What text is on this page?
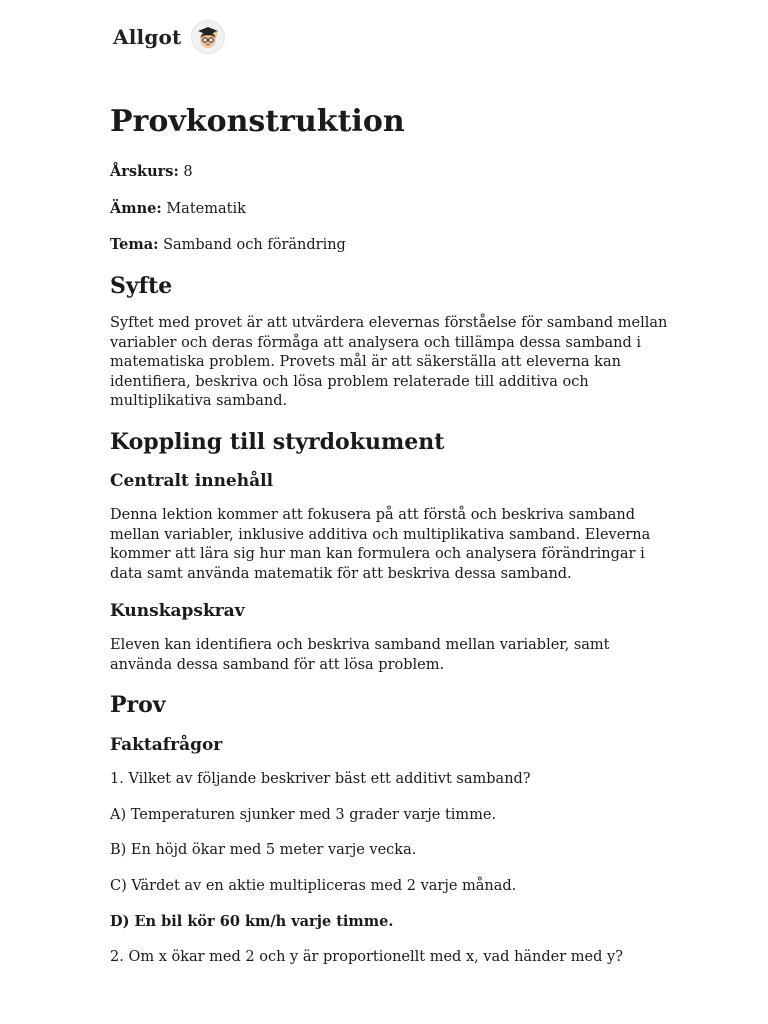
Allgot
Provkonstruktion

Årskurs: 8

Ämne: Matematik

Tema: Samband och förändring

Syfte

Syftet med provet är att utvärdera elevernas förståelse för samband mellan variabler och deras förmåga att analysera och tillämpa dessa samband i matematiska problem. Provets mål är att säkerställa att eleverna kan identifiera, beskriva och lösa problem relaterade till additiva och multiplikativa samband.

Koppling till styrdokument
Centralt innehåll

Denna lektion kommer att fokusera på att förstå och beskriva samband mellan variabler, inklusive additiva och multiplikativa samband. Eleverna kommer att lära sig hur man kan formulera och analysera förändringar i data samt använda matematik för att beskriva dessa samband.

Kunskapskrav

Eleven kan identifiera och beskriva samband mellan variabler, samt använda dessa samband för att lösa problem.

Prov
Faktafrågor

1. Vilket av följande beskriver bäst ett additivt samband?

A) Temperaturen sjunker med 3 grader varje timme.

B) En höjd ökar med 5 meter varje vecka.

C) Värdet av en aktie multipliceras med 2 varje månad.

D) En bil kör 60 km/h varje timme.

2. Om x ökar med 2 och y är proportionellt med x, vad händer med y?
